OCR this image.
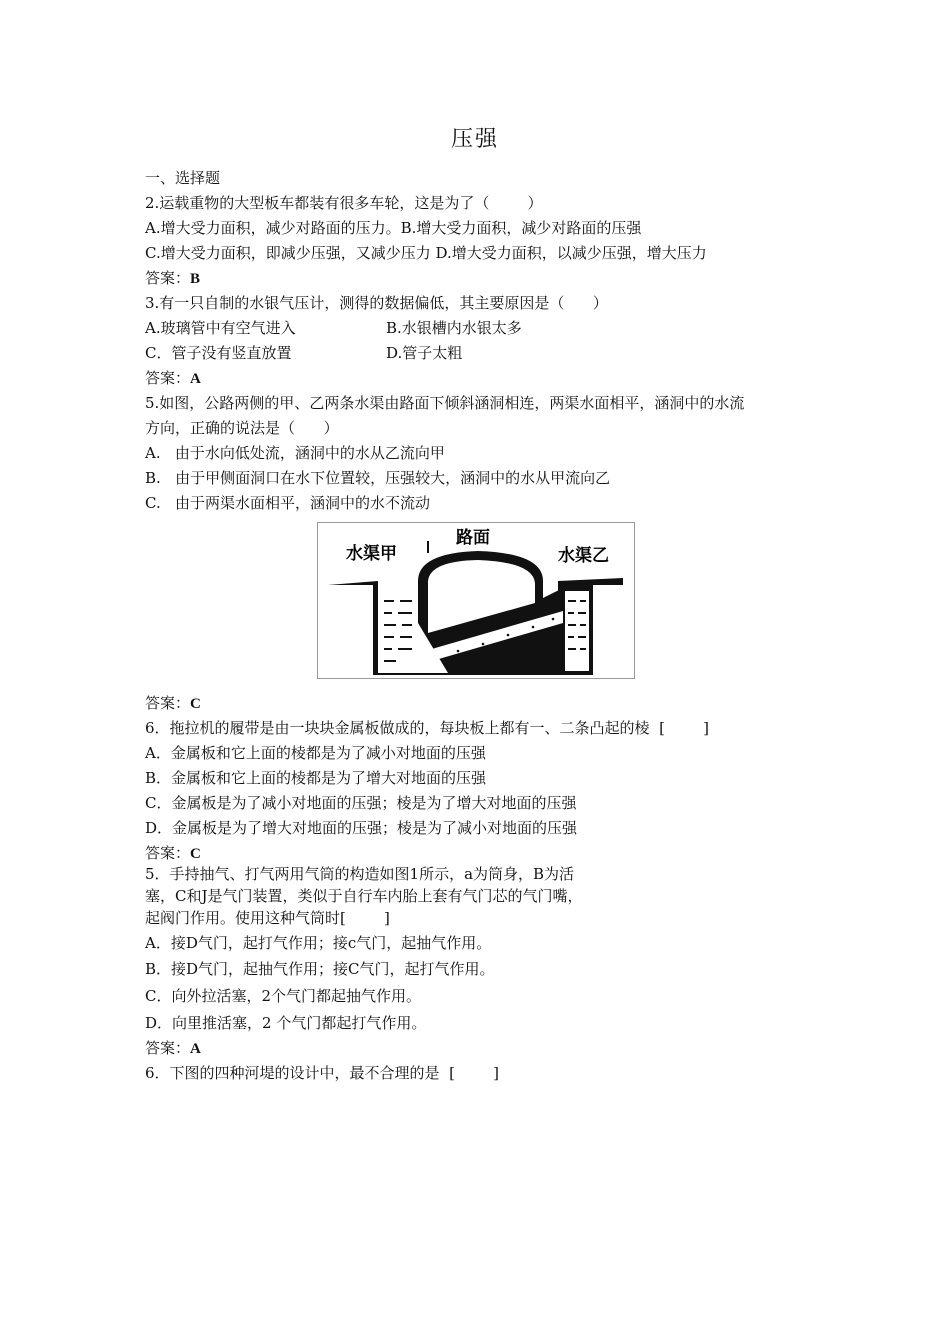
压强
一、选择题
2.运载重物的大型板车都装有很多车轮，这是为了（        ）
A.增大受力面积，减少对路面的压力。B.增大受力面积，减少对路面的压强
C.增大受力面积，即减少压强，又减少压力 D.增大受力面积，以减少压强，增大压力
答案：B
3.有一只自制的水银气压计，测得的数据偏低，其主要原因是（      ）
A.玻璃管中有空气进入	B.水银槽内水银太多
C．管子没有竖直放置	D.管子太粗
答案：A
5.如图，公路两侧的甲、乙两条水渠由路面下倾斜涵洞相连，两渠水面相平，涵洞中的水流
方向，正确的说法是（      ）
A.   由于水向低处流，涵洞中的水从乙流向甲
B.   由于甲侧面洞口在水下位置较，压强较大，涵洞中的水从甲流向乙
C.   由于两渠水面相平，涵洞中的水不流动
水渠甲
路面
水渠乙
答案：C
6．拖拉机的履带是由一块块金属板做成的，每块板上都有一、二条凸起的棱  [        ]
A．金属板和它上面的棱都是为了减小对地面的压强
B．金属板和它上面的棱都是为了增大对地面的压强
C．金属板是为了减小对地面的压强；棱是为了增大对地面的压强
D．金属板是为了增大对地面的压强；棱是为了减小对地面的压强
答案：C
5．手持抽气、打气两用气筒的构造如图1所示，a为筒身，B为活
塞，C和J是气门装置，类似于自行车内胎上套有气门芯的气门嘴，
起阀门作用。使用这种气筒时[        ]
A．接D气门，起打气作用；接c气门，起抽气作用。
B．接D气门，起抽气作用；接C气门，起打气作用。
C．向外拉活塞，2个气门都起抽气作用。
D．向里推活塞，2 个气门都起打气作用。
答案：A
6．下图的四种河堤的设计中，最不合理的是  [        ]
